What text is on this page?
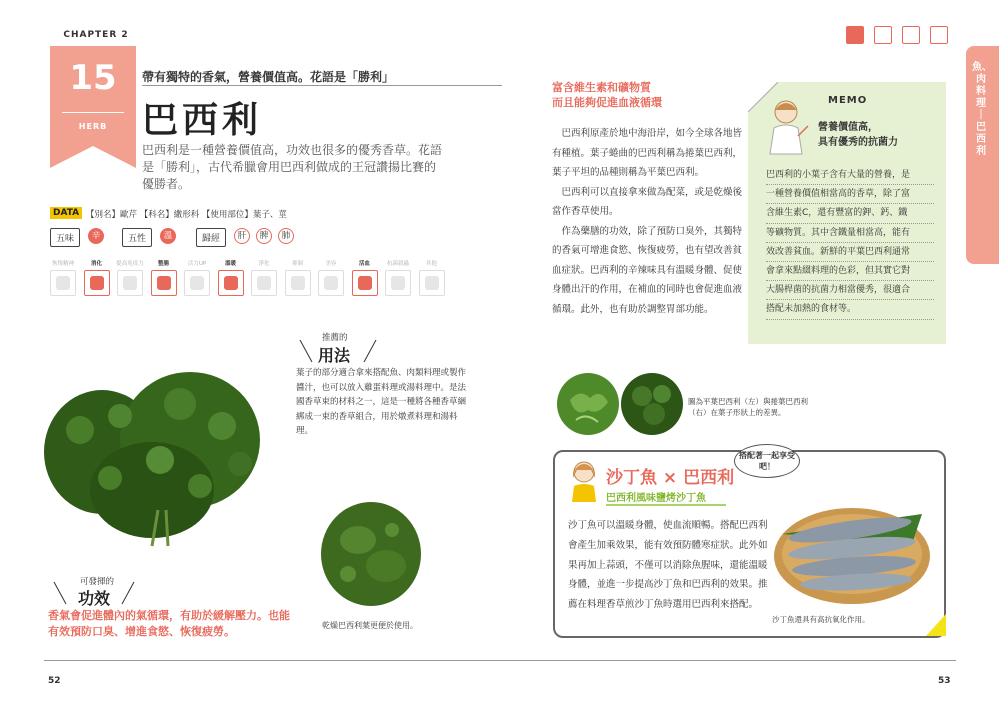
CHAPTER 2
15
HERB
帶有獨特的香氣，營養價值高。花語是「勝利」
巴西利
巴西利是一種營養價值高，功效也很多的優秀香草。花語是「勝利」，古代希臘會用巴西利做成的王冠讚揚比賽的優勝者。
DATA 【別名】歐芹 【科名】繖形科 【使用部位】葉子、莖
五味	辛	五性	溫	歸經	肝	脾	肺
恢復精神	消化	提高免疫力	整腸	活力UP	溫暖	淨化	抑制	美容	活血	抗菌殺蟲	其他
推薦的
用法
葉子的部分適合拿來搭配魚、肉類料理或製作醬汁，也可以放入雞蛋料理或湯料理中。是法國香草束的材料之一，這是一種將各種香草綑綁成一束的香草組合，用於燉煮料理和湯料理。
乾燥巴西利葉更便於使用。
可發揮的
功效
香氣會促進體內的氣循環，有助於緩解壓力。也能有效預防口臭、增進食慾、恢復疲勞。
富含維生素和礦物質
而且能夠促進血液循環

巴西利原產於地中海沿岸，如今全球各地皆有種植。葉子蜷曲的巴西利稱為捲葉巴西利，葉子平坦的品種則稱為平葉巴西利。

巴西利可以直接拿來做為配菜，或是乾燥後當作香草使用。

作為藥膳的功效，除了預防口臭外，其獨特的香氣可增進食慾、恢復疲勞，也有望改善貧血症狀。巴西利的辛辣味具有溫暖身體、促使身體出汗的作用，在補血的同時也會促進血液循環。此外，也有助於調整胃部功能。

MEMO
營養價值高，
具有優秀的抗菌力
巴西利的小葉子含有大量的營養，是
一種營養價值相當高的香草，除了富
含維生素C，還有豐富的鉀、鈣、鐵
等礦物質。其中含鐵量相當高，能有
效改善貧血。新鮮的平葉巴西利通常
會拿來點綴料理的色彩，但其實它對
大腸桿菌的抗菌力相當優秀，很適合
搭配未加熱的食材等。
圖為平葉巴西利（左）與捲葉巴西利（右）在葉子形狀上的差異。
沙丁魚 × 巴西利
巴西利風味鹽烤沙丁魚

沙丁魚可以溫暖身體，使血流順暢。搭配巴西利會產生加乘效果，能有效預防體寒症狀。此外如果再加上蒜頭，不僅可以消除魚腥味，還能溫暖身體，並進一步提高沙丁魚和巴西利的效果。推薦在料理香草煎沙丁魚時選用巴西利來搭配。

搭配著一起享受吧！
沙丁魚還具有高抗氧化作用。
魚、肉料理｜巴西利
52	53
